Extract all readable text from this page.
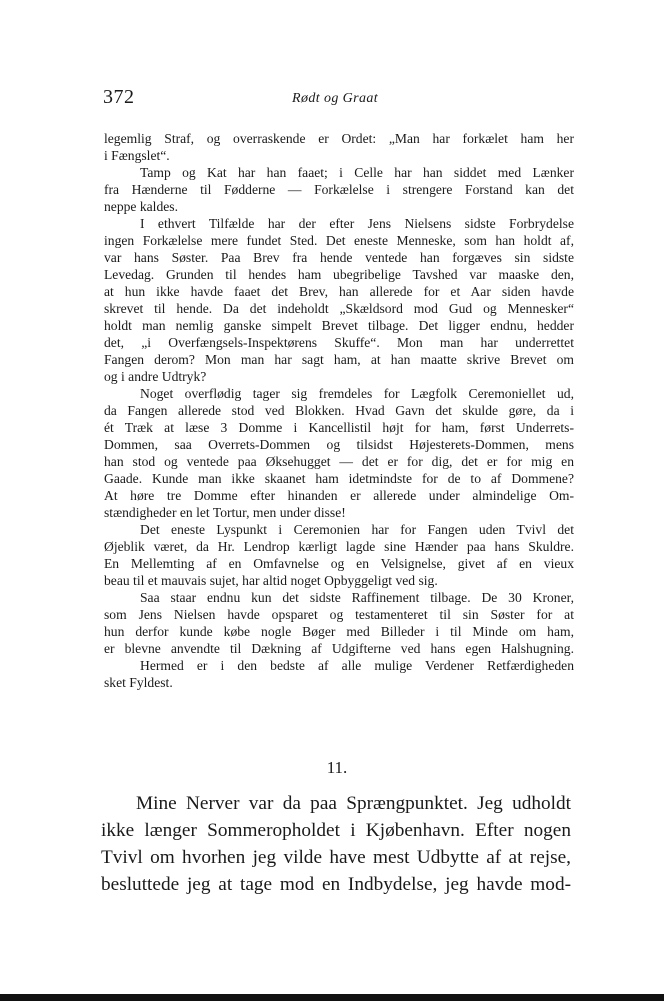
372	Rødt og Graat
legemlig Straf, og overraskende er Ordet: „Man har forkælet ham her
i Fængslet“.
Tamp og Kat har han faaet; i Celle har han siddet med Lænker
fra Hænderne til Fødderne — Forkælelse i strengere Forstand kan det
neppe kaldes.
I ethvert Tilfælde har der efter Jens Nielsens sidste Forbrydelse
ingen Forkælelse mere fundet Sted. Det eneste Menneske, som han holdt af,
var hans Søster. Paa Brev fra hende ventede han forgæves sin sidste
Levedag. Grunden til hendes ham ubegribelige Tavshed var maaske den,
at hun ikke havde faaet det Brev, han allerede for et Aar siden havde
skrevet til hende. Da det indeholdt „Skældsord mod Gud og Mennesker“
holdt man nemlig ganske simpelt Brevet tilbage. Det ligger endnu, hedder
det, „i Overfængsels-Inspektørens Skuffe“. Mon man har underrettet
Fangen derom? Mon man har sagt ham, at han maatte skrive Brevet om
og i andre Udtryk?
Noget overflødig tager sig fremdeles for Lægfolk Ceremoniellet ud,
da Fangen allerede stod ved Blokken. Hvad Gavn det skulde gøre, da i
ét Træk at læse 3 Domme i Kancellistil højt for ham, først Underrets-
Dommen, saa Overrets-Dommen og tilsidst Højesterets-Dommen, mens
han stod og ventede paa Øksehugget — det er for dig, det er for mig en
Gaade. Kunde man ikke skaanet ham idetmindste for de to af Dommene?
At høre tre Domme efter hinanden er allerede under almindelige Om-
stændigheder en let Tortur, men under disse!
Det eneste Lyspunkt i Ceremonien har for Fangen uden Tvivl det
Øjeblik været, da Hr. Lendrop kærligt lagde sine Hænder paa hans Skuldre.
En Mellemting af en Omfavnelse og en Velsignelse, givet af en vieux
beau til et mauvais sujet, har altid noget Opbyggeligt ved sig.
Saa staar endnu kun det sidste Raffinement tilbage. De 30 Kroner,
som Jens Nielsen havde opsparet og testamenteret til sin Søster for at
hun derfor kunde købe nogle Bøger med Billeder i til Minde om ham,
er blevne anvendte til Dækning af Udgifterne ved hans egen Halshugning.
Hermed er i den bedste af alle mulige Verdener Retfærdigheden
sket Fyldest.
11.
Mine Nerver var da paa Sprængpunktet. Jeg udholdt
ikke længer Sommeropholdet i Kjøbenhavn. Efter nogen
Tvivl om hvorhen jeg vilde have mest Udbytte af at rejse,
besluttede jeg at tage mod en Indbydelse, jeg havde mod-
